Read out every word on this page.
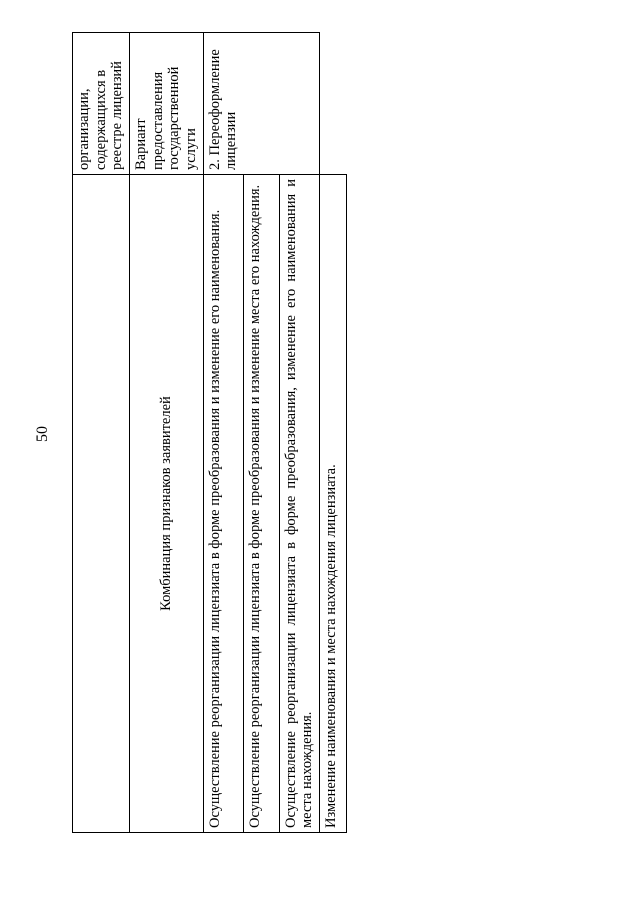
50
	организации, содержащихся в реестре лицензий
Комбинация признаков заявителей	Вариант предоставления государственной услуги
Осуществление реорганизации лицензиата в форме преобразования и изменение его наименования.	2. Переоформление лицензии
Осуществление реорганизации лицензиата в форме преобразования и изменение места его нахождения.	
Осуществление реорганизации лицензиата в форме преобразования, изменение его наименования и места нахождения.	
Изменение наименования и места нахождения лицензиата.	
